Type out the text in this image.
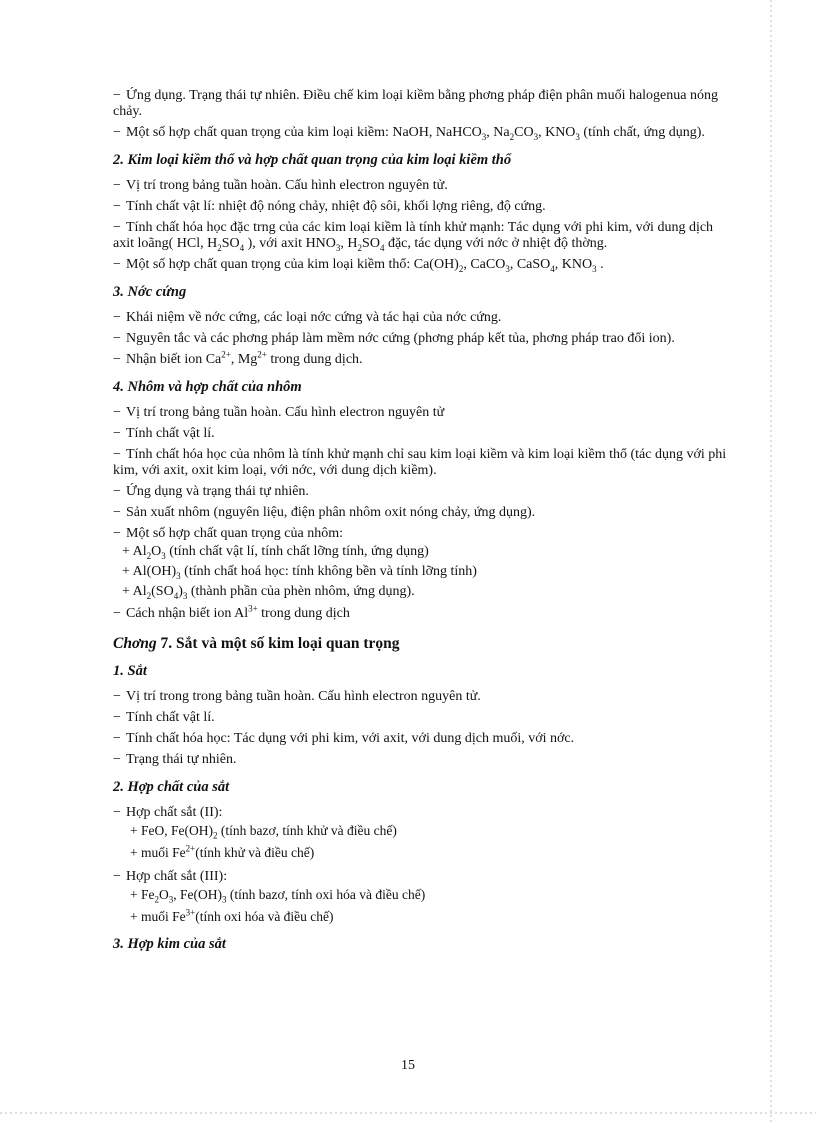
− Ứng dụng. Trạng thái tự nhiên. Điều chế kim loại kiềm bằng phơng pháp điện phân muối halogenua nóng chảy.
− Một số hợp chất quan trọng của kim loại kiềm: NaOH, NaHCO$_3$, $Na_2CO_3$, $KNO_3$ (tính chất, ứng dụng).
2. Kim loại kiềm thổ và hợp chất quan trọng của kim loại kiềm thổ
− Vị trí trong bảng tuần hoàn. Cấu hình electron nguyên tử.
− Tính chất vật lí: nhiệt độ nóng chảy, nhiệt độ sôi, khối lợng riêng, độ cứng.
− Tính chất hóa học đặc trng của các kim loại kiềm là tính khử mạnh: Tác dụng với phi kim, với dung dịch axit loãng( HCl, $H_2SO_4$ ), với axit $HNO_3$, $H_2SO_4$ đặc, tác dụng với nớc ở nhiệt độ thờng.
− Một số hợp chất quan trọng của kim loại kiềm thổ: $Ca(OH)_2$, CaCO$_3$, CaSO$_4$, $KNO_3$ .
3. Nớc cứng
− Khái niệm về nớc cứng, các loại nớc cứng và tác hại của nớc cứng.
− Nguyên tắc và các phơng pháp làm mềm nớc cứng (phơng pháp kết tủa, phơng pháp trao đổi ion).
− Nhận biết ion $Ca^{2+}$, $Mg^{2+}$ trong dung dịch.
4. Nhôm và hợp chất của nhôm
− Vị trí trong bảng tuần hoàn. Cấu hình electron nguyên tử
− Tính chất vật lí.
− Tính chất hóa học của nhôm là tính khử mạnh chỉ sau kim loại kiềm và kim loại kiềm thổ (tác dụng với phi kim, với axit, oxit kim loại, với nớc, với dung dịch kiềm).
− Ứng dụng và trạng thái tự nhiên.
− Sản xuất nhôm (nguyên liệu, điện phân nhôm oxit nóng chảy, ứng dụng).
− Một số hợp chất quan trọng của nhôm:
+ $Al_2O_3$ (tính chất vật lí, tính chất lỡng tính, ứng dụng)
+ $Al(OH)_3$ (tính chất hoá học: tính không bền và tính lỡng tính)
+ $Al_2(SO_4)_3$ (thành phần của phèn nhôm, ứng dụng).
− Cách nhận biết ion $Al^{3+}$ trong dung dịch
Chơng 7. Sắt và một số kim loại quan trọng
1. Sắt
− Vị trí trong trong bảng tuần hoàn. Cấu hình electron nguyên tử.
− Tính chất vật lí.
− Tính chất hóa học: Tác dụng với phi kim, với axit, với dung dịch muối, với nớc.
− Trạng thái tự nhiên.
2. Hợp chất của sắt
− Hợp chất sắt (II):
+ FeO, $Fe(OH)_2$ (tính bazơ, tính khử và điều chế)
+ muối $Fe^{2+}(tính$ khử và điều chế)
− Hợp chất sắt (III):
+ $Fe_2O_3$, $Fe(OH)_3$ (tính bazơ, tính oxi hóa và điều chế)
+ muối $Fe^{3+}(tính$ oxi hóa và điều chế)
3. Hợp kim của sắt
15
